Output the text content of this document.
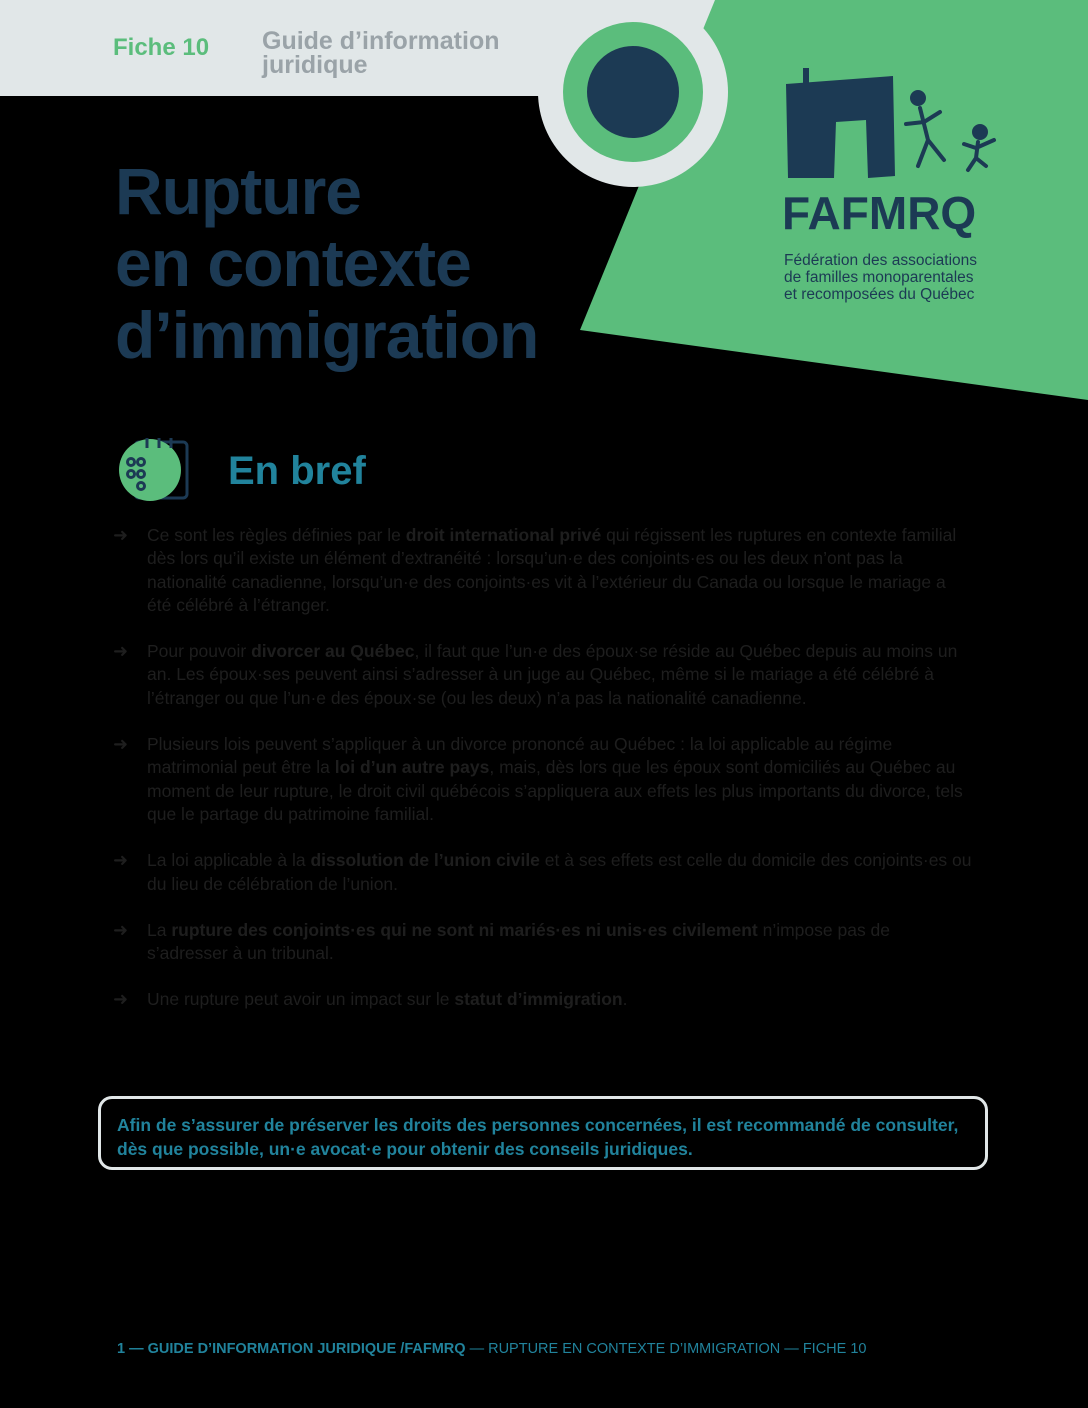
Fiche 10 Guide d’information
juridique
Rupture
en contexte
d’immigration
FAFMRQ
Fédération des associations
de familles monoparentales
et recomposées du Québec
En bref
➜ Ce sont les règles définies par le droit international privé qui régissent les ruptures en contexte familial dès lors qu’il existe un élément d’extranéité : lorsqu’un·e des conjoints·es ou les deux n’ont pas la nationalité canadienne, lorsqu’un·e des conjoints·es vit à l’extérieur du Canada ou lorsque le mariage a été célébré à l’étranger.
➜ Pour pouvoir divorcer au Québec, il faut que l’un·e des époux·se réside au Québec depuis au moins un an. Les époux·ses peuvent ainsi s’adresser à un juge au Québec, même si le mariage a été célébré à l’étranger ou que l’un·e des époux·se (ou les deux) n’a pas la nationalité canadienne.
➜ Plusieurs lois peuvent s’appliquer à un divorce prononcé au Québec : la loi applicable au régime matrimonial peut être la loi d’un autre pays, mais, dès lors que les époux sont domiciliés au Québec au moment de leur rupture, le droit civil québécois s’appliquera aux effets les plus importants du divorce, tels que le partage du patrimoine familial.
➜ La loi applicable à la dissolution de l’union civile et à ses effets est celle du domicile des conjoints·es ou du lieu de célébration de l’union.
➜ La rupture des conjoints·es qui ne sont ni mariés·es ni unis·es civilement n’impose pas de s’adresser à un tribunal.
➜ Une rupture peut avoir un impact sur le statut d’immigration.
Afin de s’assurer de préserver les droits des personnes concernées, il est recommandé de consulter, dès que possible, un·e avocat·e pour obtenir des conseils juridiques.
1 — GUIDE D’INFORMATION JURIDIQUE /FAFMRQ — RUPTURE EN CONTEXTE D’IMMIGRATION — FICHE 10
